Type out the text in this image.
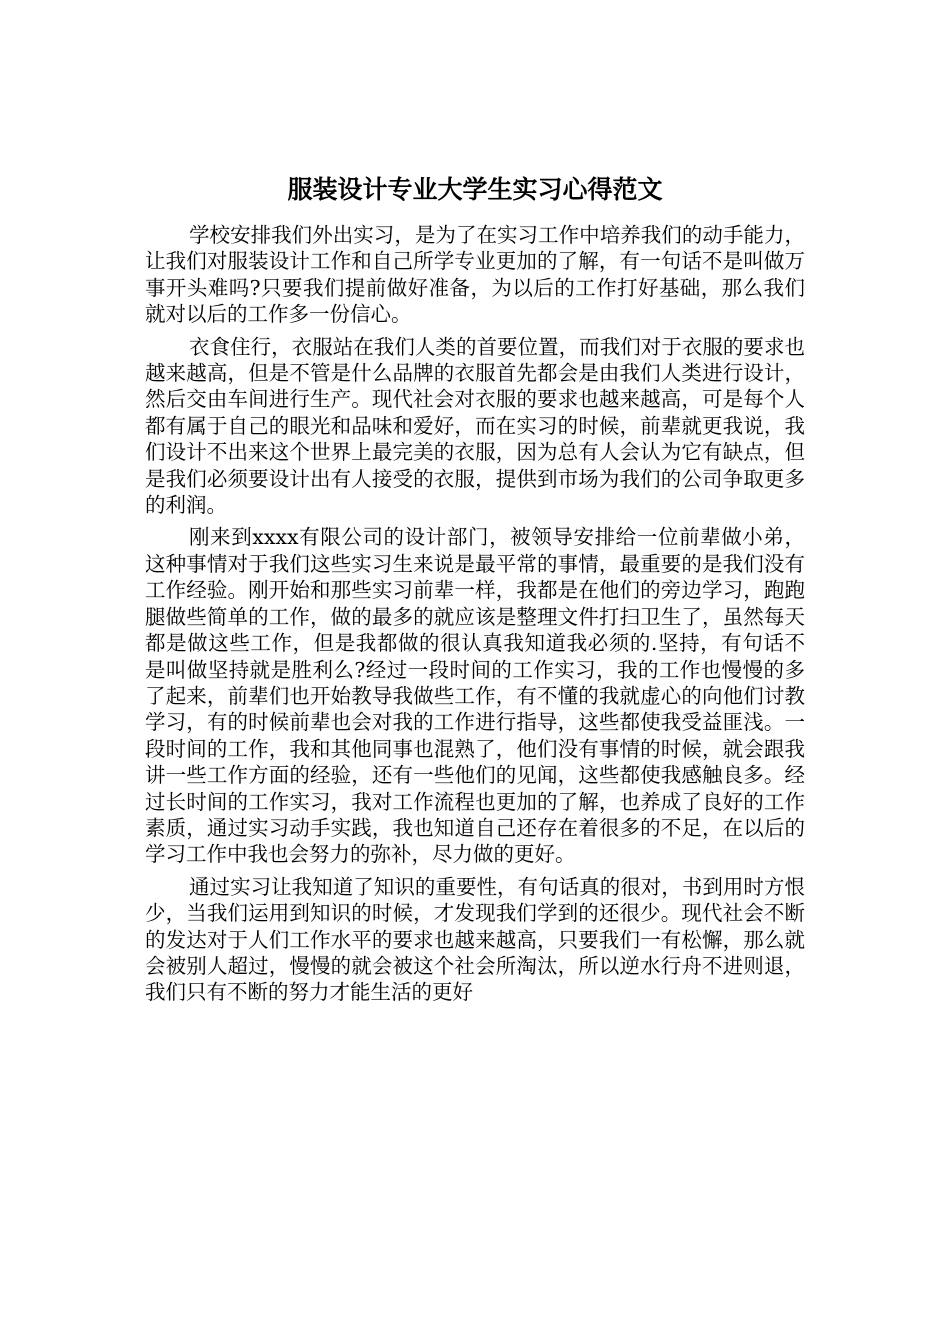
服装设计专业大学生实习心得范文

学校安排我们外出实习，是为了在实习工作中培养我们的动手能力，让我们对服装设计工作和自己所学专业更加的了解，有一句话不是叫做万事开头难吗?只要我们提前做好准备，为以后的工作打好基础，那么我们就对以后的工作多一份信心。

衣食住行，衣服站在我们人类的首要位置，而我们对于衣服的要求也越来越高，但是不管是什么品牌的衣服首先都会是由我们人类进行设计，然后交由车间进行生产。现代社会对衣服的要求也越来越高，可是每个人都有属于自己的眼光和品味和爱好，而在实习的时候，前辈就更我说，我们设计不出来这个世界上最完美的衣服，因为总有人会认为它有缺点，但是我们必须要设计出有人接受的衣服，提供到市场为我们的公司争取更多的利润。

刚来到xxxx有限公司的设计部门，被领导安排给一位前辈做小弟，这种事情对于我们这些实习生来说是最平常的事情，最重要的是我们没有工作经验。刚开始和那些实习前辈一样，我都是在他们的旁边学习，跑跑腿做些简单的工作，做的最多的就应该是整理文件打扫卫生了，虽然每天都是做这些工作，但是我都做的很认真我知道我必须的.坚持，有句话不是叫做坚持就是胜利么?经过一段时间的工作实习，我的工作也慢慢的多了起来，前辈们也开始教导我做些工作，有不懂的我就虚心的向他们讨教学习，有的时候前辈也会对我的工作进行指导，这些都使我受益匪浅。一段时间的工作，我和其他同事也混熟了，他们没有事情的时候，就会跟我讲一些工作方面的经验，还有一些他们的见闻，这些都使我感触良多。经过长时间的工作实习，我对工作流程也更加的了解，也养成了良好的工作素质，通过实习动手实践，我也知道自己还存在着很多的不足，在以后的学习工作中我也会努力的弥补，尽力做的更好。

通过实习让我知道了知识的重要性，有句话真的很对，书到用时方恨少，当我们运用到知识的时候，才发现我们学到的还很少。现代社会不断的发达对于人们工作水平的要求也越来越高，只要我们一有松懈，那么就会被别人超过，慢慢的就会被这个社会所淘汰，所以逆水行舟不进则退，我们只有不断的努力才能生活的更好
